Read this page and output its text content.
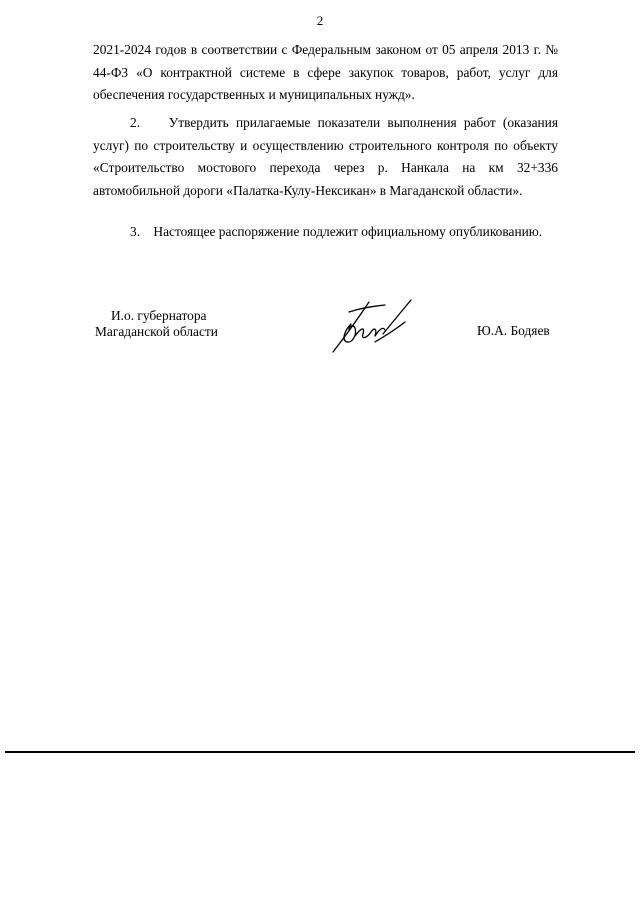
2

2021-2024 годов в соответствии с Федеральным законом от 05 апреля 2013 г. № 44-ФЗ «О контрактной системе в сфере закупок товаров, работ, услуг для обеспечения государственных и муниципальных нужд».

2.    Утвердить прилагаемые показатели выполнения работ (оказания услуг) по строительству и осуществлению строительного контроля по объекту «Строительство мостового перехода через р. Нанкала на км 32+336 автомобильной дороги «Палатка-Кулу-Нексикан» в Магаданской области».

3.    Настоящее распоряжение подлежит официальному опубликованию.

И.о. губернатора
Магаданской области	Ю.А. Бодяев
